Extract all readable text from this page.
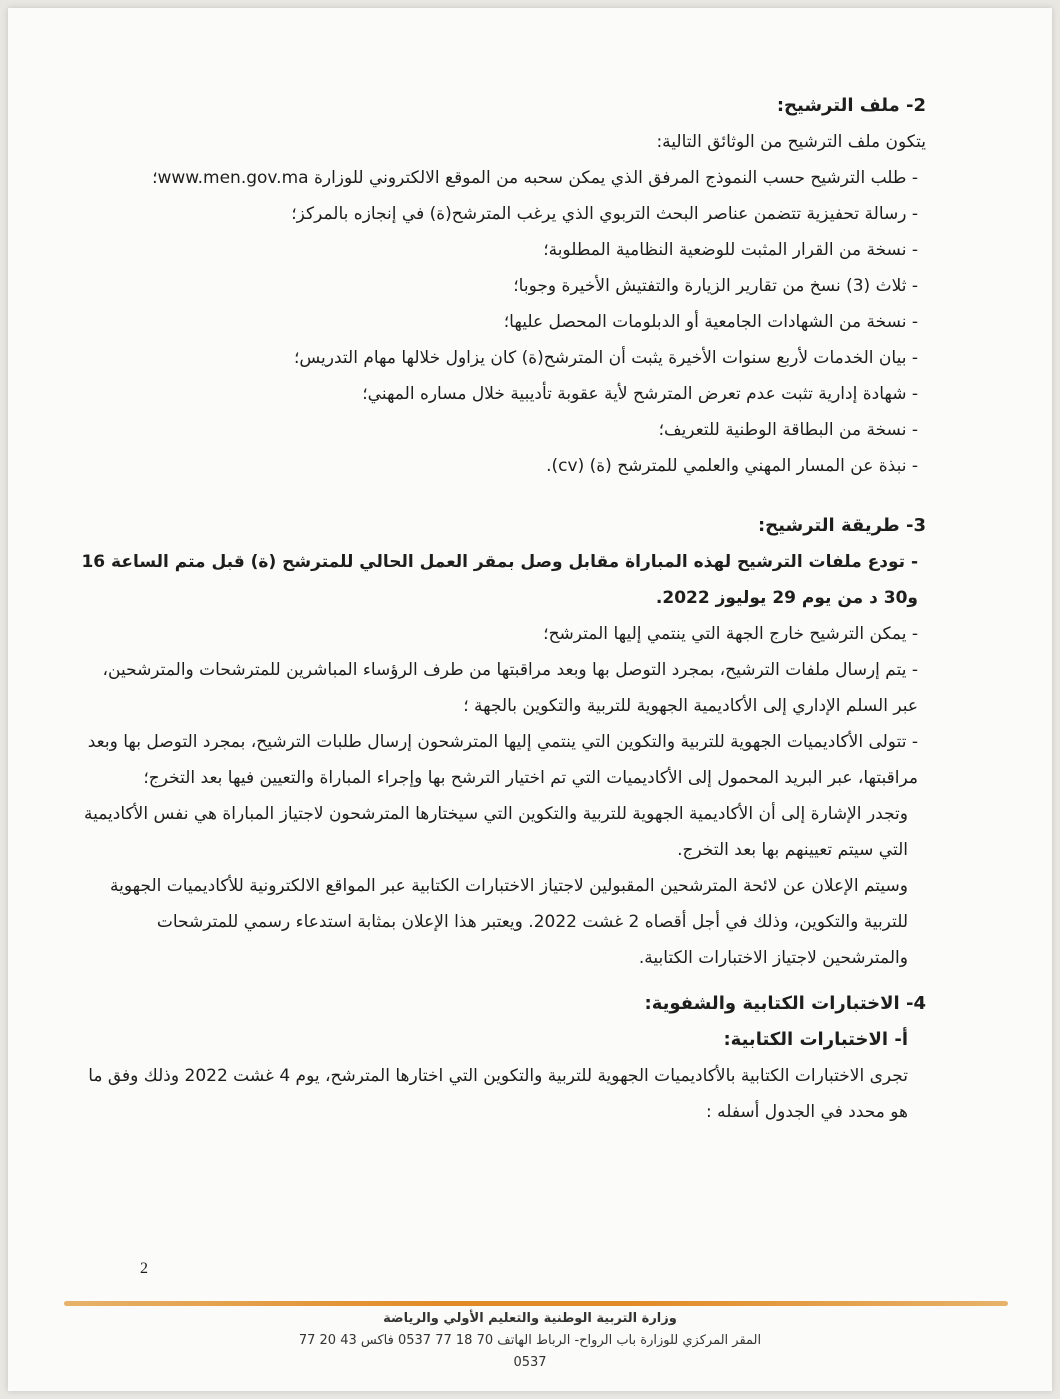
2- ملف الترشيح:

يتكون ملف الترشيح من الوثائق التالية:

- طلب الترشيح حسب النموذج المرفق الذي يمكن سحبه من الموقع الالكتروني للوزارة www.men.gov.ma؛

- رسالة تحفيزية تتضمن عناصر البحث التربوي الذي يرغب المترشح(ة) في إنجازه بالمركز؛

- نسخة من القرار المثبت للوضعية النظامية المطلوبة؛

- ثلاث (3) نسخ من تقارير الزيارة والتفتيش الأخيرة وجوبا؛

- نسخة من الشهادات الجامعية أو الدبلومات المحصل عليها؛

- بيان الخدمات لأربع سنوات الأخيرة يثبت أن المترشح(ة) كان يزاول خلالها مهام التدريس؛

- شهادة إدارية تثبت عدم تعرض المترشح لأية عقوبة تأديبية خلال مساره المهني؛

- نسخة من البطاقة الوطنية للتعريف؛

- نبذة عن المسار المهني والعلمي للمترشح (ة) (cv).

3- طريقة الترشيح:

- تودع ملفات الترشيح لهذه المباراة مقابل وصل بمقر العمل الحالي للمترشح (ة) قبل متم الساعة 16 و30 د من يوم 29 يوليوز 2022.

- يمكن الترشيح خارج الجهة التي ينتمي إليها المترشح؛

- يتم إرسال ملفات الترشيح، بمجرد التوصل بها وبعد مراقبتها من طرف الرؤساء المباشرين للمترشحات والمترشحين، عبر السلم الإداري إلى الأكاديمية الجهوية للتربية والتكوين بالجهة ؛

- تتولى الأكاديميات الجهوية للتربية والتكوين التي ينتمي إليها المترشحون إرسال طلبات الترشيح، بمجرد التوصل بها وبعد مراقبتها، عبر البريد المحمول إلى الأكاديميات التي تم اختيار الترشح بها وإجراء المباراة والتعيين فيها بعد التخرج؛

وتجدر الإشارة إلى أن الأكاديمية الجهوية للتربية والتكوين التي سيختارها المترشحون لاجتياز المباراة هي نفس الأكاديمية التي سيتم تعيينهم بها بعد التخرج.

وسيتم الإعلان عن لائحة المترشحين المقبولين لاجتياز الاختبارات الكتابية عبر المواقع الالكترونية للأكاديميات الجهوية للتربية والتكوين، وذلك في أجل أقصاه 2 غشت 2022. ويعتبر هذا الإعلان بمثابة استدعاء رسمي للمترشحات والمترشحين لاجتياز الاختبارات الكتابية.

4- الاختبارات الكتابية والشفوية:

أ- الاختبارات الكتابية:

تجرى الاختبارات الكتابية بالأكاديميات الجهوية للتربية والتكوين التي اختارها المترشح، يوم 4 غشت 2022 وذلك وفق ما هو محدد في الجدول أسفله :

2
وزارة التربية الوطنية والتعليم الأولي والرياضة
المقر المركزي للوزارة باب الرواح- الرباط الهاتف 70 18 77 0537 فاكس 43 20 77 0537
